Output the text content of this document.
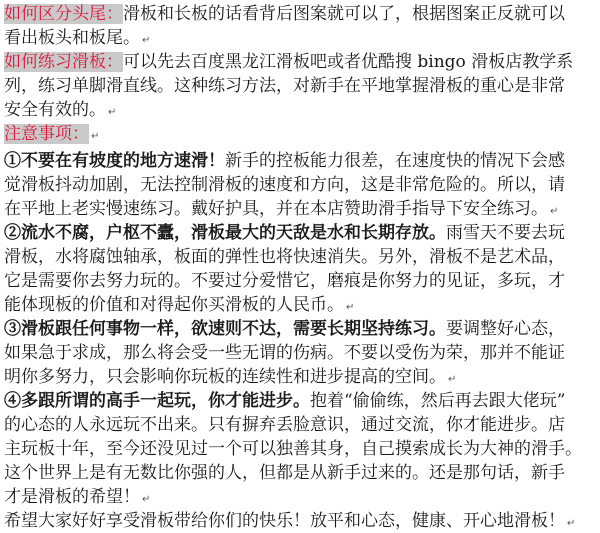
如何区分头尾：滑板和长板的话看背后图案就可以了，根据图案正反就可以
看出板头和板尾。 ↵
如何练习滑板：可以先去百度黑龙江滑板吧或者优酷搜 bingo 滑板店教学系
列，练习单脚滑直线。这种练习方法，对新手在平地掌握滑板的重心是非常
安全有效的。 ↵
注意事项： ↵
①不要在有坡度的地方速滑！新手的控板能力很差，在速度快的情况下会感
觉滑板抖动加剧，无法控制滑板的速度和方向，这是非常危险的。所以，请
在平地上老实慢速练习。戴好护具，并在本店赞助滑手指导下安全练习。 ↵
②流水不腐，户枢不蠹，滑板最大的天敌是水和长期存放。雨雪天不要去玩
滑板，水将腐蚀轴承，板面的弹性也将快速消失。另外，滑板不是艺术品，
它是需要你去努力玩的。不要过分爱惜它，磨痕是你努力的见证，多玩，才
能体现板的价值和对得起你买滑板的人民币。 ↵
③滑板跟任何事物一样，欲速则不达，需要长期坚持练习。要调整好心态，
如果急于求成，那么将会受一些无谓的伤病。不要以受伤为荣，那并不能证
明你多努力，只会影响你玩板的连续性和进步提高的空间。 ↵
④多跟所谓的高手一起玩，你才能进步。抱着“偷偷练，然后再去跟大佬玩”
的心态的人永远玩不出来。只有摒弃丢脸意识，通过交流，你才能进步。店
主玩板十年，至今还没见过一个可以独善其身，自己摸索成长为大神的滑手。
这个世界上是有无数比你强的人，但都是从新手过来的。还是那句话，新手
才是滑板的希望！ ↵
希望大家好好享受滑板带给你们的快乐！放平和心态，健康、开心地滑板！ ↵
